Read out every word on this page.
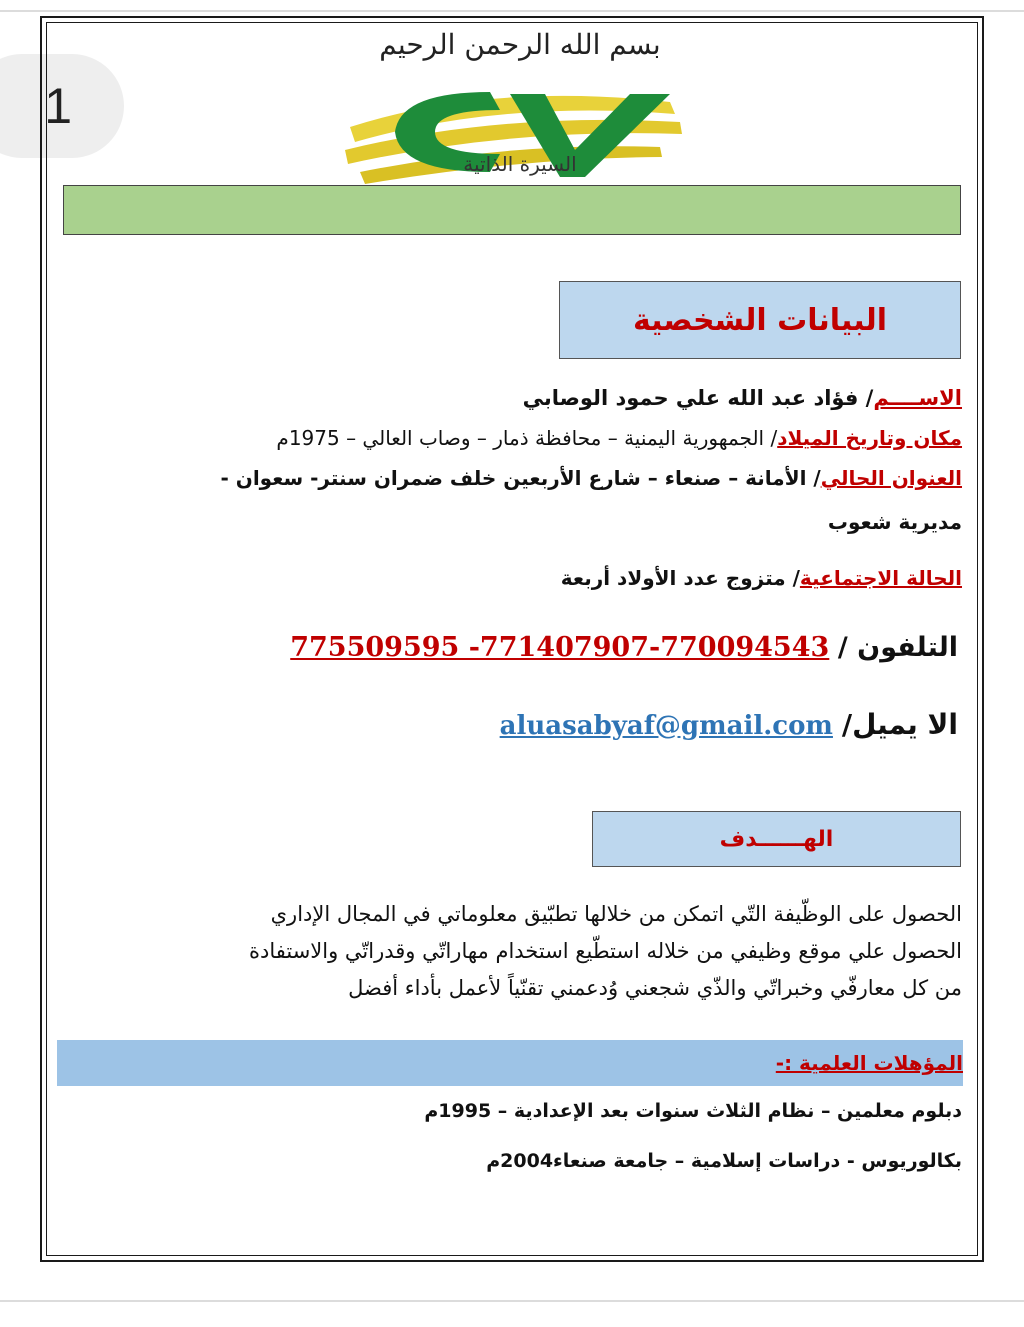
1
بسم الله الرحمن الرحيم
السيرة الذاتية
البيانات الشخصية
الاســــم/ فؤاد عبد الله علي حمود الوصابي
مكان وتاريخ الميلاد/ الجمهورية اليمنية – محافظة ذمار – وصاب العالي – 1975م
العنوان الحالي/ الأمانة – صنعاء – شارع الأربعين خلف ضمران سنتر- سعوان -
مديرية شعوب
الحالة الاجتماعية/ متزوج عدد الأولاد أربعة
التلفون / 775509595 -771407907-770094543
الا يميل/ aluasabyaf@gmail.com
الهــــــدف
الحصول على الوظّيفة التّي اتمكن من خلالها تطبّيق معلوماتي في المجال الإداري
الحصول علي موقع وظيفي من خلاله استطّيع استخدام مهاراتّي وقدراتّي والاستفادة
من كل معارفّي وخبراتّي والذّي شجعني وُدعمني تقنّياً لأعمل بأداء أفضل
المؤهلات العلمية :-
دبلوم معلمين – نظام الثلاث سنوات بعد الإعدادية – 1995م
بكالوريوس - دراسات إسلامية – جامعة صنعاء2004م
